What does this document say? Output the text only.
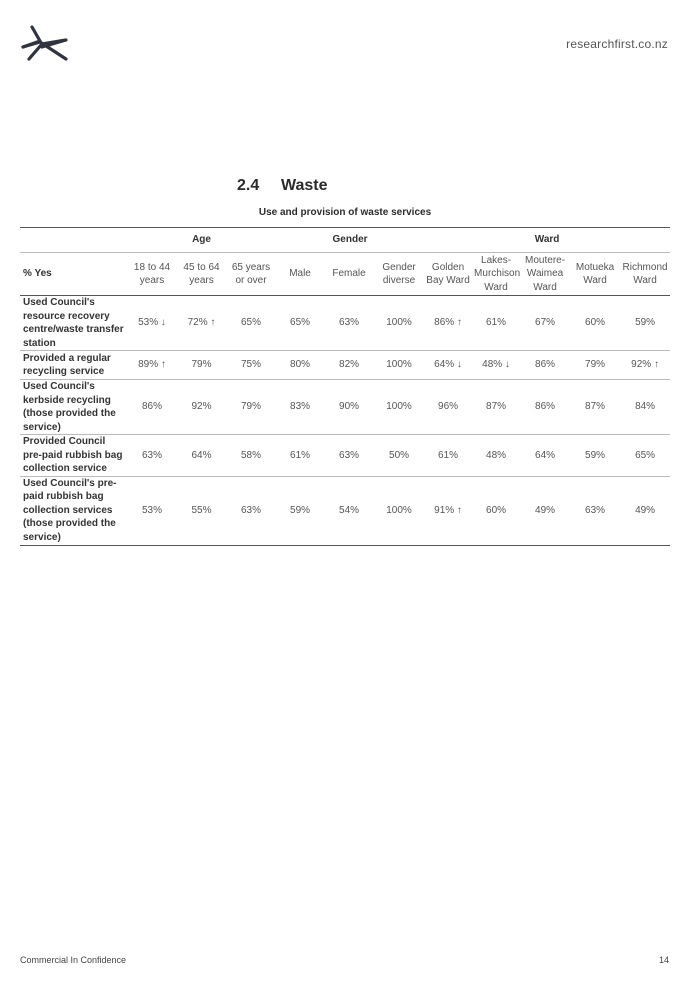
researchfirst.co.nz
2.4 Waste
Use and provision of waste services
	Age			Gender			Ward				
% Yes	18 to 44 years	45 to 64 years	65 years or over	Male	Female	Gender diverse	Golden Bay Ward	Lakes-Murchison Ward	Moutere-Waimea Ward	Motueka Ward	Richmond Ward
Used Council's resource recovery centre/waste transfer station	53% ↓	72% ↑	65%	65%	63%	100%	86% ↑	61%	67%	60%	59%
Provided a regular recycling service	89% ↑	79%	75%	80%	82%	100%	64% ↓	48% ↓	86%	79%	92% ↑
Used Council's kerbside recycling (those provided the service)	86%	92%	79%	83%	90%	100%	96%	87%	86%	87%	84%
Provided Council pre-paid rubbish bag collection service	63%	64%	58%	61%	63%	50%	61%	48%	64%	59%	65%
Used Council's pre-paid rubbish bag collection services (those provided the service)	53%	55%	63%	59%	54%	100%	91% ↑	60%	49%	63%	49%
Commercial In Confidence	14
